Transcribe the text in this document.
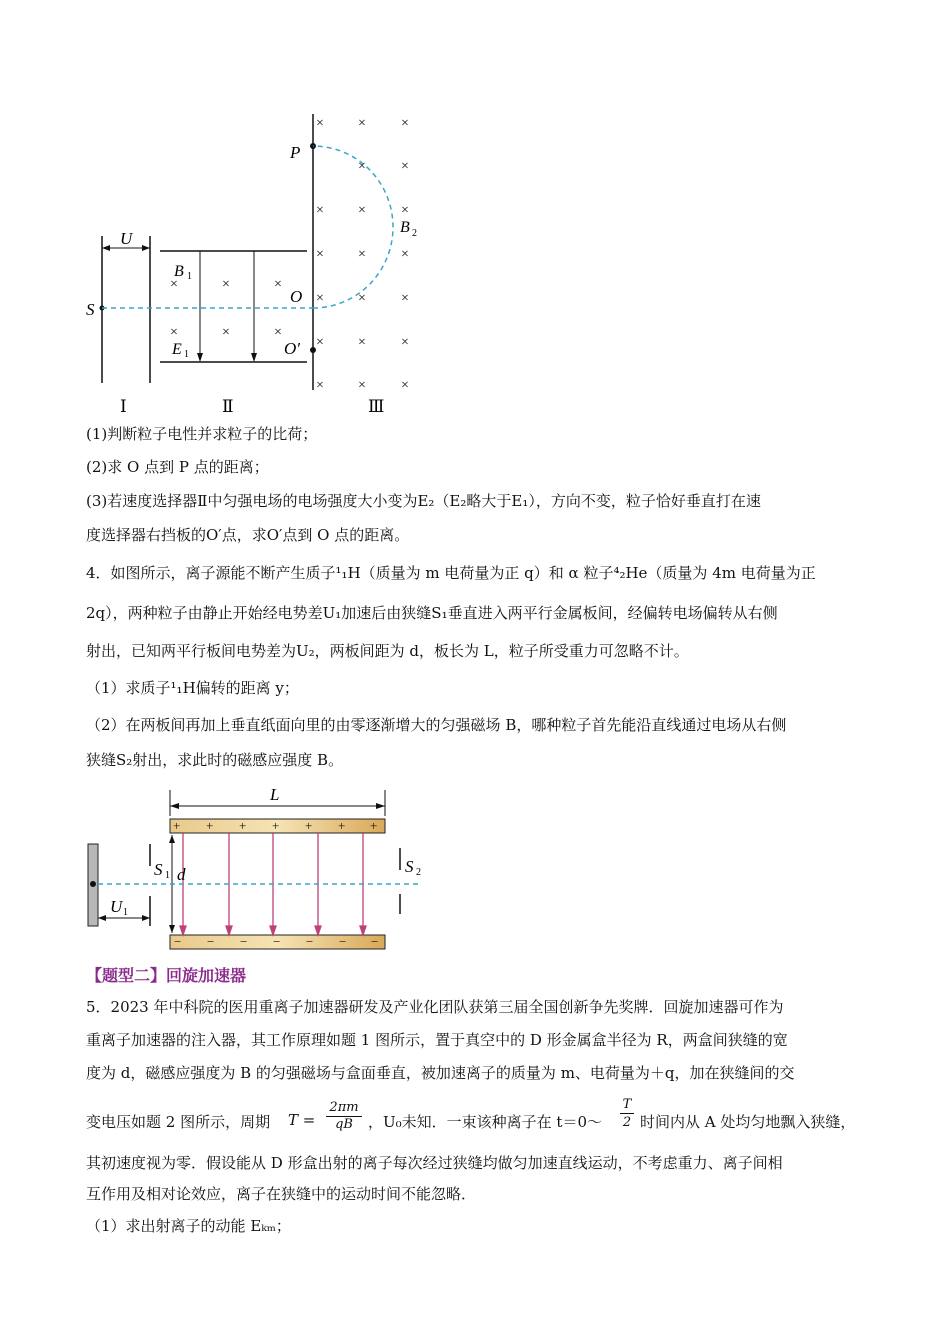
U
S
B 1
E 1
×	×	×
×	×	×
P
O
O′
B 2
× ×	×
×	×
× ×	×
× ×	×
× ×	×
× ×	×
× ×	×
Ⅰ	Ⅱ	Ⅲ
(1)判断粒子电性并求粒子的比荷；
(2)求 O 点到 P 点的距离；
(3)若速度选择器Ⅱ中匀强电场的电场强度大小变为E₂（E₂略大于E₁），方向不变，粒子恰好垂直打在速
度选择器右挡板的O′点，求O′点到 O 点的距离。
4．如图所示，离子源能不断产生质子¹₁H（质量为 m 电荷量为正 q）和 α 粒子⁴₂He（质量为 4m 电荷量为正
2q），两种粒子由静止开始经电势差U₁加速后由狭缝S₁垂直进入两平行金属板间，经偏转电场偏转从右侧
射出，已知两平行板间电势差为U₂，两板间距为 d，板长为 L，粒子所受重力可忽略不计。
（1）求质子¹₁H偏转的距离 y；
（2）在两板间再加上垂直纸面向里的由零逐渐增大的匀强磁场 B，哪种粒子首先能沿直线通过电场从右侧
狭缝S₂射出，求此时的磁感应强度 B。
L
+ + + + + + +
− − − − − − −
S 1 d
U 1
S 2
【题型二】回旋加速器
5．2023 年中科院的医用重离子加速器研发及产业化团队获第三届全国创新争先奖牌．回旋加速器可作为
重离子加速器的注入器，其工作原理如题 1 图所示，置于真空中的 D 形金属盒半径为 R，两盒间狭缝的宽
度为 d，磁感应强度为 B 的匀强磁场与盒面垂直，被加速离子的质量为 m、电荷量为＋q，加在狭缝间的交
变电压如题 2 图所示，周期 T =
2πm
qB	，U₀未知．一束该种离子在 t＝0～
T
2 时间内从 A 处均匀地飘入狭缝，
其初速度视为零．假设能从 D 形盒出射的离子每次经过狭缝均做匀加速直线运动，不考虑重力、离子间相
互作用及相对论效应，离子在狭缝中的运动时间不能忽略．
（1）求出射离子的动能 Eₖₘ；
